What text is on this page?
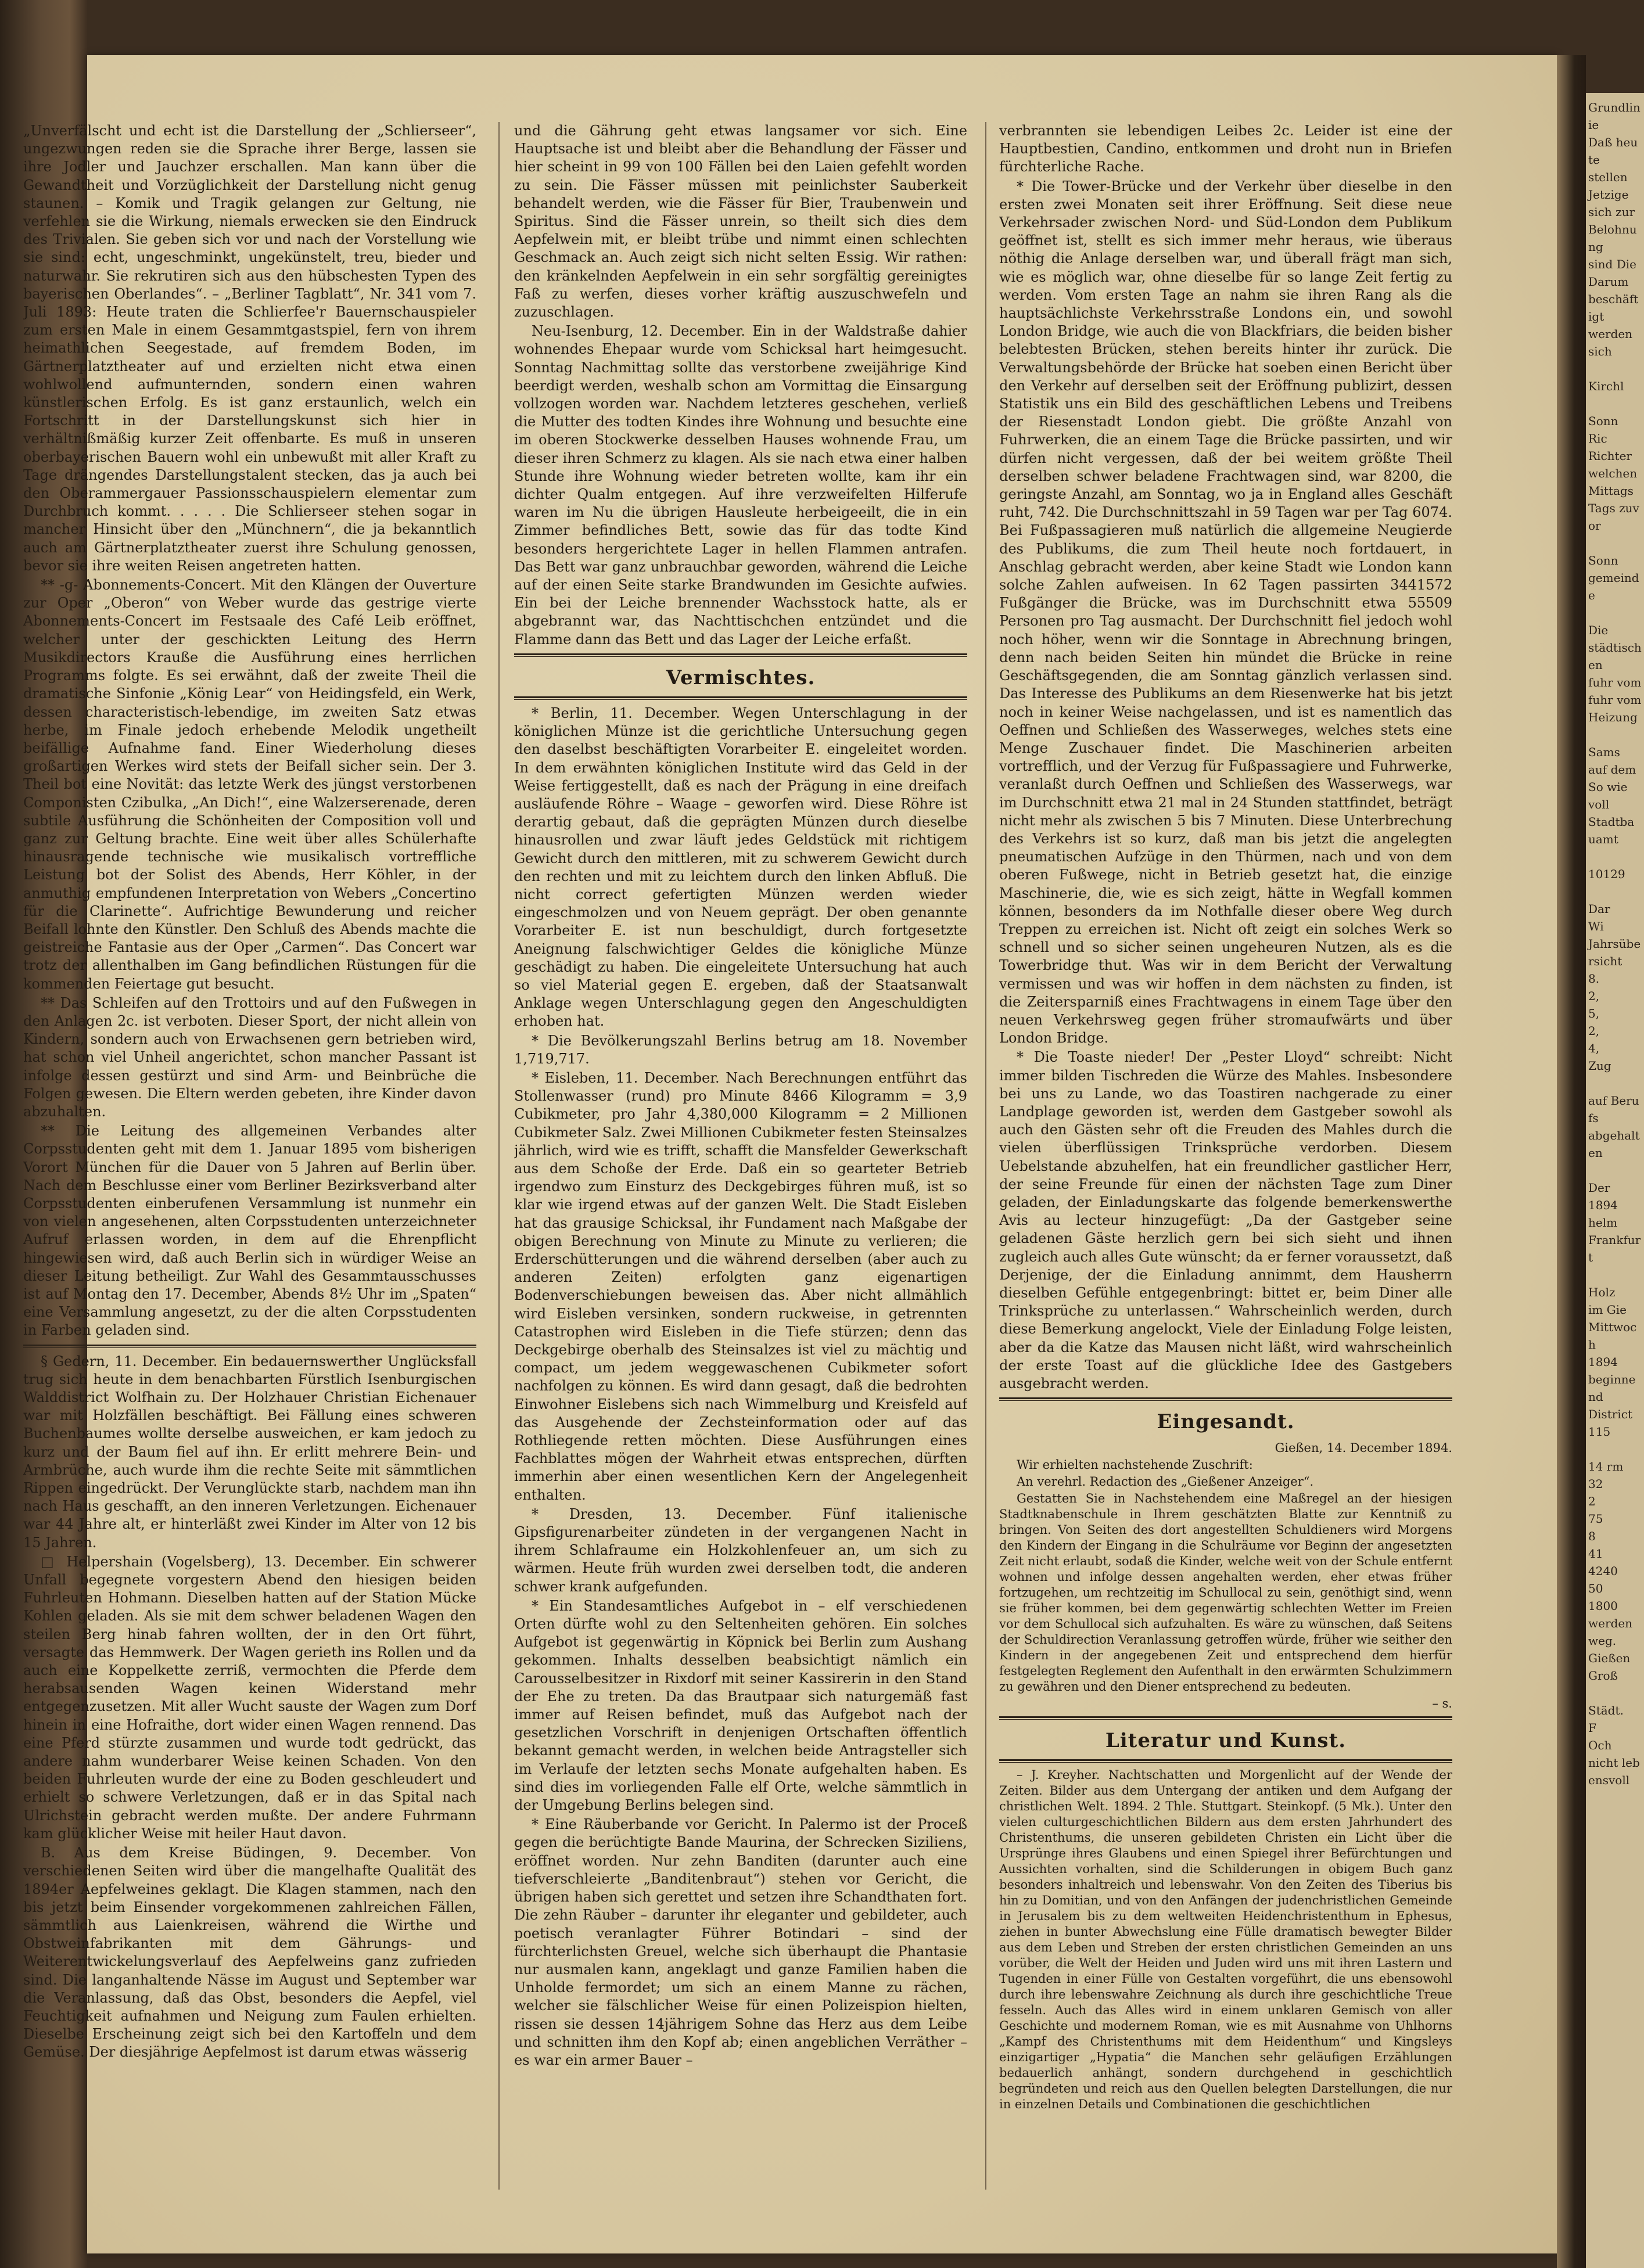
„Unverfälscht und echt ist die Darstellung der „Schlierseer“, ungezwungen reden sie die Sprache ihrer Berge, lassen sie ihre Jodler und Jauchzer erschallen. Man kann über die Gewandtheit und Vorzüglichkeit der Darstellung nicht genug staunen. – Komik und Tragik gelangen zur Geltung, nie verfehlen sie die Wirkung, niemals erwecken sie den Eindruck des Trivialen. Sie geben sich vor und nach der Vorstellung wie sie sind: echt, ungeschminkt, ungekünstelt, treu, bieder und naturwahr. Sie rekrutiren sich aus den hübschesten Typen des bayerischen Oberlandes“. – „Berliner Tagblatt“, Nr. 341 vom 7. Juli 1893: Heute traten die Schlierfee'r Bauernschauspieler zum ersten Male in einem Gesammtgastspiel, fern von ihrem heimathlichen Seegestade, auf fremdem Boden, im Gärtnerplatztheater auf und erzielten nicht etwa einen wohlwollend aufmunternden, sondern einen wahren künstlerischen Erfolg. Es ist ganz erstaunlich, welch ein Fortschritt in der Darstellungskunst sich hier in verhältnißmäßig kurzer Zeit offenbarte. Es muß in unseren oberbayerischen Bauern wohl ein unbewußt mit aller Kraft zu Tage drängendes Darstellungstalent stecken, das ja auch bei den Oberammergauer Passionsschauspielern elementar zum Durchbruch kommt. . . . . Die Schlierseer stehen sogar in mancher Hinsicht über den „Münchnern“, die ja bekanntlich auch am Gärtnerplatztheater zuerst ihre Schulung genossen, bevor sie ihre weiten Reisen angetreten hatten.

** -g- Abonnements-Concert. Mit den Klängen der Ouverture zur Oper „Oberon“ von Weber wurde das gestrige vierte Abonnements-Concert im Festsaale des Café Leib eröffnet, welcher unter der geschickten Leitung des Herrn Musikdirectors Krauße die Ausführung eines herrlichen Programms folgte. Es sei erwähnt, daß der zweite Theil die dramatische Sinfonie „König Lear“ von Heidingsfeld, ein Werk, dessen characteristisch-lebendige, im zweiten Satz etwas herbe, im Finale jedoch erhebende Melodik ungetheilt beifällige Aufnahme fand. Einer Wiederholung dieses großartigen Werkes wird stets der Beifall sicher sein. Der 3. Theil bot eine Novität: das letzte Werk des jüngst verstorbenen Componisten Czibulka, „An Dich!“, eine Walzerserenade, deren subtile Ausführung die Schönheiten der Composition voll und ganz zur Geltung brachte. Eine weit über alles Schülerhafte hinausragende technische wie musikalisch vortreffliche Leistung bot der Solist des Abends, Herr Köhler, in der anmuthig empfundenen Interpretation von Webers „Concertino für die Clarinette“. Aufrichtige Bewunderung und reicher Beifall lohnte den Künstler. Den Schluß des Abends machte die geistreiche Fantasie aus der Oper „Carmen“. Das Concert war trotz der allenthalben im Gang befindlichen Rüstungen für die kommenden Feiertage gut besucht.

** Das Schleifen auf den Trottoirs und auf den Fußwegen in den Anlagen 2c. ist verboten. Dieser Sport, der nicht allein von Kindern, sondern auch von Erwachsenen gern betrieben wird, hat schon viel Unheil angerichtet, schon mancher Passant ist infolge dessen gestürzt und sind Arm- und Beinbrüche die Folgen gewesen. Die Eltern werden gebeten, ihre Kinder davon abzuhalten.

** Die Leitung des allgemeinen Verbandes alter Corpsstudenten geht mit dem 1. Januar 1895 vom bisherigen Vorort München für die Dauer von 5 Jahren auf Berlin über. Nach dem Beschlusse einer vom Berliner Bezirksverband alter Corpsstudenten einberufenen Versammlung ist nunmehr ein von vielen angesehenen, alten Corpsstudenten unterzeichneter Aufruf erlassen worden, in dem auf die Ehrenpflicht hingewiesen wird, daß auch Berlin sich in würdiger Weise an dieser Leitung betheiligt. Zur Wahl des Gesammtausschusses ist auf Montag den 17. December, Abends 8½ Uhr im „Spaten“ eine Versammlung angesetzt, zu der die alten Corpsstudenten in Farben geladen sind.

§ Gedern, 11. December. Ein bedauernswerther Unglücksfall trug sich heute in dem benachbarten Fürstlich Isenburgischen Walddistrict Wolfhain zu. Der Holzhauer Christian Eichenauer war mit Holzfällen beschäftigt. Bei Fällung eines schweren Buchenbaumes wollte derselbe ausweichen, er kam jedoch zu kurz und der Baum fiel auf ihn. Er erlitt mehrere Bein- und Armbrüche, auch wurde ihm die rechte Seite mit sämmtlichen Rippen eingedrückt. Der Verunglückte starb, nachdem man ihn nach Haus geschafft, an den inneren Verletzungen. Eichenauer war 44 Jahre alt, er hinterläßt zwei Kinder im Alter von 12 bis 15 Jahren.

□ Helpershain (Vogelsberg), 13. December. Ein schwerer Unfall begegnete vorgestern Abend den hiesigen beiden Fuhrleuten Hohmann. Dieselben hatten auf der Station Mücke Kohlen geladen. Als sie mit dem schwer beladenen Wagen den steilen Berg hinab fahren wollten, der in den Ort führt, versagte das Hemmwerk. Der Wagen gerieth ins Rollen und da auch eine Koppelkette zerriß, vermochten die Pferde dem herabsausenden Wagen keinen Widerstand mehr entgegenzusetzen. Mit aller Wucht sauste der Wagen zum Dorf hinein in eine Hofraithe, dort wider einen Wagen rennend. Das eine Pferd stürzte zusammen und wurde todt gedrückt, das andere nahm wunderbarer Weise keinen Schaden. Von den beiden Fuhrleuten wurde der eine zu Boden geschleudert und erhielt so schwere Verletzungen, daß er in das Spital nach Ulrichstein gebracht werden mußte. Der andere Fuhrmann kam glücklicher Weise mit heiler Haut davon.

B. Aus dem Kreise Büdingen, 9. December. Von verschiedenen Seiten wird über die mangelhafte Qualität des 1894er Aepfelweines geklagt. Die Klagen stammen, nach den bis jetzt beim Einsender vorgekommenen zahlreichen Fällen, sämmtlich aus Laienkreisen, während die Wirthe und Obstweinfabrikanten mit dem Gährungs- und Weiterentwickelungsverlauf des Aepfelweins ganz zufrieden sind. Die langanhaltende Nässe im August und September war die Veranlassung, daß das Obst, besonders die Aepfel, viel Feuchtigkeit aufnahmen und Neigung zum Faulen erhielten. Dieselbe Erscheinung zeigt sich bei den Kartoffeln und dem Gemüse. Der diesjährige Aepfelmost ist darum etwas wässerig

und die Gährung geht etwas langsamer vor sich. Eine Hauptsache ist und bleibt aber die Behandlung der Fässer und hier scheint in 99 von 100 Fällen bei den Laien gefehlt worden zu sein. Die Fässer müssen mit peinlichster Sauberkeit behandelt werden, wie die Fässer für Bier, Traubenwein und Spiritus. Sind die Fässer unrein, so theilt sich dies dem Aepfelwein mit, er bleibt trübe und nimmt einen schlechten Geschmack an. Auch zeigt sich nicht selten Essig. Wir rathen: den kränkelnden Aepfelwein in ein sehr sorgfältig gereinigtes Faß zu werfen, dieses vorher kräftig auszuschwefeln und zuzuschlagen.

Neu-Isenburg, 12. December. Ein in der Waldstraße dahier wohnendes Ehepaar wurde vom Schicksal hart heimgesucht. Sonntag Nachmittag sollte das verstorbene zweijährige Kind beerdigt werden, weshalb schon am Vormittag die Einsargung vollzogen worden war. Nachdem letzteres geschehen, verließ die Mutter des todten Kindes ihre Wohnung und besuchte eine im oberen Stockwerke desselben Hauses wohnende Frau, um dieser ihren Schmerz zu klagen. Als sie nach etwa einer halben Stunde ihre Wohnung wieder betreten wollte, kam ihr ein dichter Qualm entgegen. Auf ihre verzweifelten Hilferufe waren im Nu die übrigen Hausleute herbeigeeilt, die in ein Zimmer befindliches Bett, sowie das für das todte Kind besonders hergerichtete Lager in hellen Flammen antrafen. Das Bett war ganz unbrauchbar geworden, während die Leiche auf der einen Seite starke Brandwunden im Gesichte aufwies. Ein bei der Leiche brennender Wachsstock hatte, als er abgebrannt war, das Nachttischchen entzündet und die Flamme dann das Bett und das Lager der Leiche erfaßt.

Vermischtes.

* Berlin, 11. December. Wegen Unterschlagung in der königlichen Münze ist die gerichtliche Untersuchung gegen den daselbst beschäftigten Vorarbeiter E. eingeleitet worden. In dem erwähnten königlichen Institute wird das Geld in der Weise fertiggestellt, daß es nach der Prägung in eine dreifach ausläufende Röhre – Waage – geworfen wird. Diese Röhre ist derartig gebaut, daß die geprägten Münzen durch dieselbe hinausrollen und zwar läuft jedes Geldstück mit richtigem Gewicht durch den mittleren, mit zu schwerem Gewicht durch den rechten und mit zu leichtem durch den linken Abfluß. Die nicht correct gefertigten Münzen werden wieder eingeschmolzen und von Neuem geprägt. Der oben genannte Vorarbeiter E. ist nun beschuldigt, durch fortgesetzte Aneignung falschwichtiger Geldes die königliche Münze geschädigt zu haben. Die eingeleitete Untersuchung hat auch so viel Material gegen E. ergeben, daß der Staatsanwalt Anklage wegen Unterschlagung gegen den Angeschuldigten erhoben hat.

* Die Bevölkerungszahl Berlins betrug am 18. November 1,719,717.

* Eisleben, 11. December. Nach Berechnungen entführt das Stollenwasser (rund) pro Minute 8466 Kilogramm = 3,9 Cubikmeter, pro Jahr 4,380,000 Kilogramm = 2 Millionen Cubikmeter Salz. Zwei Millionen Cubikmeter festen Steinsalzes jährlich, wird wie es trifft, schafft die Mansfelder Gewerkschaft aus dem Schoße der Erde. Daß ein so gearteter Betrieb irgendwo zum Einsturz des Deckgebirges führen muß, ist so klar wie irgend etwas auf der ganzen Welt. Die Stadt Eisleben hat das grausige Schicksal, ihr Fundament nach Maßgabe der obigen Berechnung von Minute zu Minute zu verlieren; die Erderschütterungen und die während derselben (aber auch zu anderen Zeiten) erfolgten ganz eigenartigen Bodenverschiebungen beweisen das. Aber nicht allmählich wird Eisleben versinken, sondern ruckweise, in getrennten Catastrophen wird Eisleben in die Tiefe stürzen; denn das Deckgebirge oberhalb des Steinsalzes ist viel zu mächtig und compact, um jedem weggewaschenen Cubikmeter sofort nachfolgen zu können. Es wird dann gesagt, daß die bedrohten Einwohner Eislebens sich nach Wimmelburg und Kreisfeld auf das Ausgehende der Zechsteinformation oder auf das Rothliegende retten möchten. Diese Ausführungen eines Fachblattes mögen der Wahrheit etwas entsprechen, dürften immerhin aber einen wesentlichen Kern der Angelegenheit enthalten.

* Dresden, 13. December. Fünf italienische Gipsfigurenarbeiter zündeten in der vergangenen Nacht in ihrem Schlafraume ein Holzkohlenfeuer an, um sich zu wärmen. Heute früh wurden zwei derselben todt, die anderen schwer krank aufgefunden.

* Ein Standesamtliches Aufgebot in – elf verschiedenen Orten dürfte wohl zu den Seltenheiten gehören. Ein solches Aufgebot ist gegenwärtig in Köpnick bei Berlin zum Aushang gekommen. Inhalts desselben beabsichtigt nämlich ein Carousselbesitzer in Rixdorf mit seiner Kassirerin in den Stand der Ehe zu treten. Da das Brautpaar sich naturgemäß fast immer auf Reisen befindet, muß das Aufgebot nach der gesetzlichen Vorschrift in denjenigen Ortschaften öffentlich bekannt gemacht werden, in welchen beide Antragsteller sich im Verlaufe der letzten sechs Monate aufgehalten haben. Es sind dies im vorliegenden Falle elf Orte, welche sämmtlich in der Umgebung Berlins belegen sind.

* Eine Räuberbande vor Gericht. In Palermo ist der Proceß gegen die berüchtigte Bande Maurina, der Schrecken Siziliens, eröffnet worden. Nur zehn Banditen (darunter auch eine tiefverschleierte „Banditenbraut“) stehen vor Gericht, die übrigen haben sich gerettet und setzen ihre Schandthaten fort. Die zehn Räuber – darunter ihr eleganter und gebildeter, auch poetisch veranlagter Führer Botindari – sind der fürchterlichsten Greuel, welche sich überhaupt die Phantasie nur ausmalen kann, angeklagt und ganze Familien haben die Unholde fermordet; um sich an einem Manne zu rächen, welcher sie fälschlicher Weise für einen Polizeispion hielten, rissen sie dessen 14jährigem Sohne das Herz aus dem Leibe und schnitten ihm den Kopf ab; einen angeblichen Verräther – es war ein armer Bauer –

verbrannten sie lebendigen Leibes 2c. Leider ist eine der Hauptbestien, Candino, entkommen und droht nun in Briefen fürchterliche Rache.

* Die Tower-Brücke und der Verkehr über dieselbe in den ersten zwei Monaten seit ihrer Eröffnung. Seit diese neue Verkehrsader zwischen Nord- und Süd-London dem Publikum geöffnet ist, stellt es sich immer mehr heraus, wie überaus nöthig die Anlage derselben war, und überall frägt man sich, wie es möglich war, ohne dieselbe für so lange Zeit fertig zu werden. Vom ersten Tage an nahm sie ihren Rang als die hauptsächlichste Verkehrsstraße Londons ein, und sowohl London Bridge, wie auch die von Blackfriars, die beiden bisher belebtesten Brücken, stehen bereits hinter ihr zurück. Die Verwaltungsbehörde der Brücke hat soeben einen Bericht über den Verkehr auf derselben seit der Eröffnung publizirt, dessen Statistik uns ein Bild des geschäftlichen Lebens und Treibens der Riesenstadt London giebt. Die größte Anzahl von Fuhrwerken, die an einem Tage die Brücke passirten, und wir dürfen nicht vergessen, daß der bei weitem größte Theil derselben schwer beladene Frachtwagen sind, war 8200, die geringste Anzahl, am Sonntag, wo ja in England alles Geschäft ruht, 742. Die Durchschnittszahl in 59 Tagen war per Tag 6074. Bei Fußpassagieren muß natürlich die allgemeine Neugierde des Publikums, die zum Theil heute noch fortdauert, in Anschlag gebracht werden, aber keine Stadt wie London kann solche Zahlen aufweisen. In 62 Tagen passirten 3441572 Fußgänger die Brücke, was im Durchschnitt etwa 55509 Personen pro Tag ausmacht. Der Durchschnitt fiel jedoch wohl noch höher, wenn wir die Sonntage in Abrechnung bringen, denn nach beiden Seiten hin mündet die Brücke in reine Geschäftsgegenden, die am Sonntag gänzlich verlassen sind. Das Interesse des Publikums an dem Riesenwerke hat bis jetzt noch in keiner Weise nachgelassen, und ist es namentlich das Oeffnen und Schließen des Wasserweges, welches stets eine Menge Zuschauer findet. Die Maschinerien arbeiten vortrefflich, und der Verzug für Fußpassagiere und Fuhrwerke, veranlaßt durch Oeffnen und Schließen des Wasserwegs, war im Durchschnitt etwa 21 mal in 24 Stunden stattfindet, beträgt nicht mehr als zwischen 5 bis 7 Minuten. Diese Unterbrechung des Verkehrs ist so kurz, daß man bis jetzt die angelegten pneumatischen Aufzüge in den Thürmen, nach und von dem oberen Fußwege, nicht in Betrieb gesetzt hat, die einzige Maschinerie, die, wie es sich zeigt, hätte in Wegfall kommen können, besonders da im Nothfalle dieser obere Weg durch Treppen zu erreichen ist. Nicht oft zeigt ein solches Werk so schnell und so sicher seinen ungeheuren Nutzen, als es die Towerbridge thut. Was wir in dem Bericht der Verwaltung vermissen und was wir hoffen in dem nächsten zu finden, ist die Zeitersparniß eines Frachtwagens in einem Tage über den neuen Verkehrsweg gegen früher stromaufwärts und über London Bridge.

* Die Toaste nieder! Der „Pester Lloyd“ schreibt: Nicht immer bilden Tischreden die Würze des Mahles. Insbesondere bei uns zu Lande, wo das Toastiren nachgerade zu einer Landplage geworden ist, werden dem Gastgeber sowohl als auch den Gästen sehr oft die Freuden des Mahles durch die vielen überflüssigen Trinksprüche verdorben. Diesem Uebelstande abzuhelfen, hat ein freundlicher gastlicher Herr, der seine Freunde für einen der nächsten Tage zum Diner geladen, der Einladungskarte das folgende bemerkenswerthe Avis au lecteur hinzugefügt: „Da der Gastgeber seine geladenen Gäste herzlich gern bei sich sieht und ihnen zugleich auch alles Gute wünscht; da er ferner voraussetzt, daß Derjenige, der die Einladung annimmt, dem Hausherrn dieselben Gefühle entgegenbringt: bittet er, beim Diner alle Trinksprüche zu unterlassen.“ Wahrscheinlich werden, durch diese Bemerkung angelockt, Viele der Einladung Folge leisten, aber da die Katze das Mausen nicht läßt, wird wahrscheinlich der erste Toast auf die glückliche Idee des Gastgebers ausgebracht werden.

Eingesandt.

Gießen, 14. December 1894.

Wir erhielten nachstehende Zuschrift:

An verehrl. Redaction des „Gießener Anzeiger“.

Gestatten Sie in Nachstehendem eine Maßregel an der hiesigen Stadtknabenschule in Ihrem geschätzten Blatte zur Kenntniß zu bringen. Von Seiten des dort angestellten Schuldieners wird Morgens den Kindern der Eingang in die Schulräume vor Beginn der angesetzten Zeit nicht erlaubt, sodaß die Kinder, welche weit von der Schule entfernt wohnen und infolge dessen angehalten werden, eher etwas früher fortzugehen, um rechtzeitig im Schullocal zu sein, genöthigt sind, wenn sie früher kommen, bei dem gegenwärtig schlechten Wetter im Freien vor dem Schullocal sich aufzuhalten. Es wäre zu wünschen, daß Seitens der Schuldirection Veranlassung getroffen würde, früher wie seither den Kindern in der angegebenen Zeit und entsprechend dem hierfür festgelegten Reglement den Aufenthalt in den erwärmten Schulzimmern zu gewähren und den Diener entsprechend zu bedeuten.

– s.

Literatur und Kunst.

– J. Kreyher. Nachtschatten und Morgenlicht auf der Wende der Zeiten. Bilder aus dem Untergang der antiken und dem Aufgang der christlichen Welt. 1894. 2 Thle. Stuttgart. Steinkopf. (5 Mk.). Unter den vielen culturgeschichtlichen Bildern aus dem ersten Jahrhundert des Christenthums, die unseren gebildeten Christen ein Licht über die Ursprünge ihres Glaubens und einen Spiegel ihrer Befürchtungen und Aussichten vorhalten, sind die Schilderungen in obigem Buch ganz besonders inhaltreich und lebenswahr. Von den Zeiten des Tiberius bis hin zu Domitian, und von den Anfängen der judenchristlichen Gemeinde in Jerusalem bis zu dem weltweiten Heidenchristenthum in Ephesus, ziehen in bunter Abwechslung eine Fülle dramatisch bewegter Bilder aus dem Leben und Streben der ersten christlichen Gemeinden an uns vorüber, die Welt der Heiden und Juden wird uns mit ihren Lastern und Tugenden in einer Fülle von Gestalten vorgeführt, die uns ebensowohl durch ihre lebenswahre Zeichnung als durch ihre geschichtliche Treue fesseln. Auch das Alles wird in einem unklaren Gemisch von aller Geschichte und modernem Roman, wie es mit Ausnahme von Uhlhorns „Kampf des Christenthums mit dem Heidenthum“ und Kingsleys einzigartiger „Hypatia“ die Manchen sehr geläufigen Erzählungen bedauerlich anhängt, sondern durchgehend in geschichtlich begründeten und reich aus den Quellen belegten Darstellungen, die nur in einzelnen Details und Combinationen die geschichtlichen

Grundlinie
Daß heute
stellen
Jetzige
sich zur
Belohnung
sind Die
Darum
beschäftigt
werden
sich

Kirchl

Sonn
Ric
Richter
welchen
Mittags
Tags zuvor

Sonn
gemeinde

Die
städtischen
fuhr vom
fuhr vom
Heizung

Sams
auf dem
So wie
voll
Stadtbauamt

10129

Dar
Wi
Jahrsübersicht
8.
2,
5,
2,
4,
Zug

auf Berufs
abgehalten

Der
1894
helm
Frankfurt

Holz
im Gie
Mittwoch
1894
beginnend
District
115

14 rm
32
2
75
8
41
4240
50
1800
werden
weg.
Gießen
Groß

Städt.
F
Och
nicht lebensvoll
